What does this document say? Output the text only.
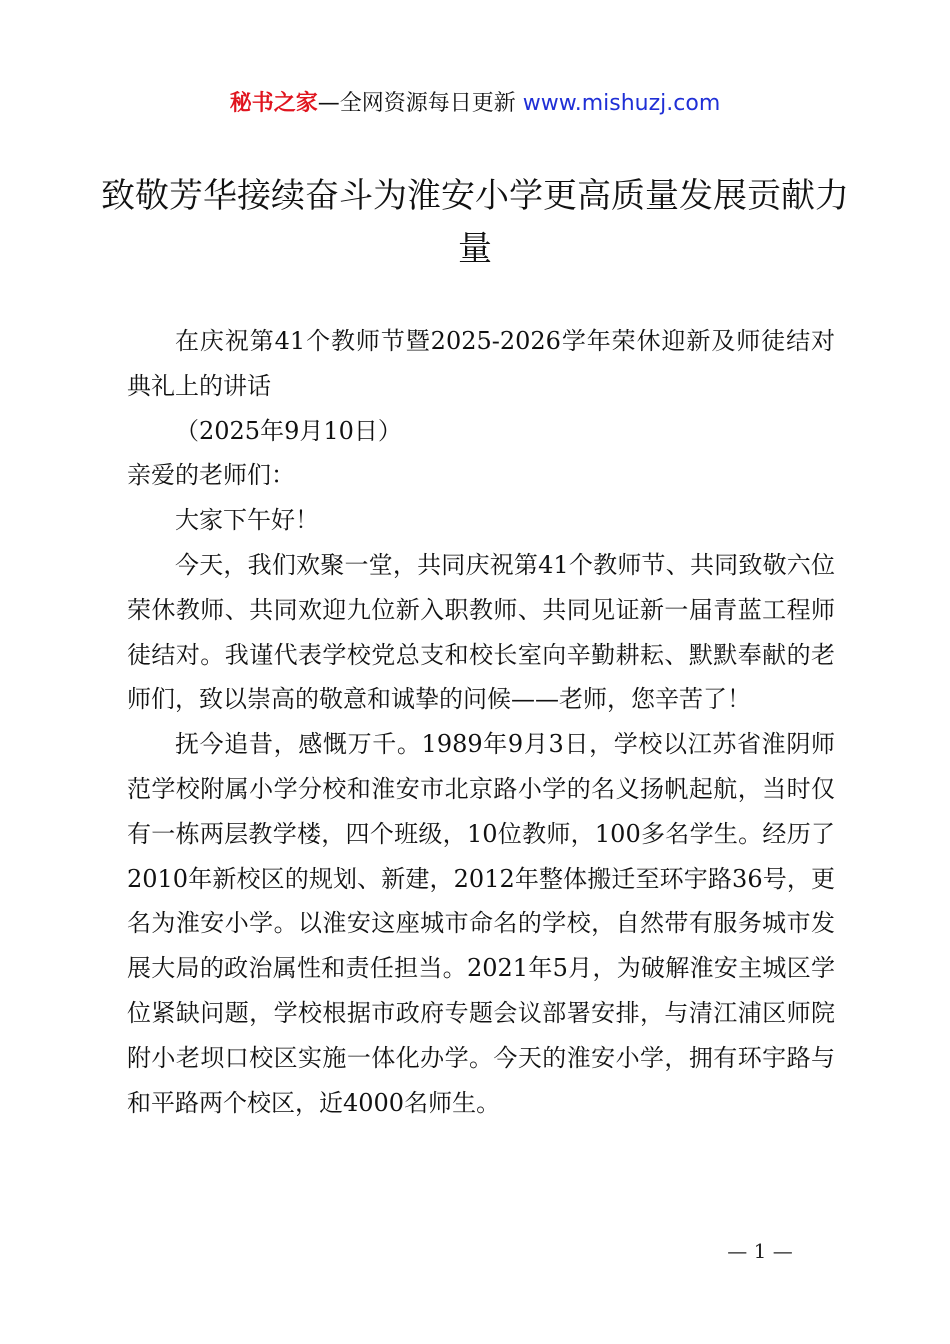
秘书之家—全网资源每日更新 www.mishuzj.com
致敬芳华接续奋斗为淮安小学更高质量发展贡献力量

在庆祝第41个教师节暨2025-2026学年荣休迎新及师徒结对典礼上的讲话

（2025年9月10日）

亲爱的老师们：

大家下午好！

今天，我们欢聚一堂，共同庆祝第41个教师节、共同致敬六位荣休教师、共同欢迎九位新入职教师、共同见证新一届青蓝工程师徒结对。我谨代表学校党总支和校长室向辛勤耕耘、默默奉献的老师们，致以崇高的敬意和诚挚的问候——老师，您辛苦了！

抚今追昔，感慨万千。1989年9月3日，学校以江苏省淮阴师范学校附属小学分校和淮安市北京路小学的名义扬帆起航，当时仅有一栋两层教学楼，四个班级，10位教师，100多名学生。经历了2010年新校区的规划、新建，2012年整体搬迁至环宇路36号，更名为淮安小学。以淮安这座城市命名的学校，自然带有服务城市发展大局的政治属性和责任担当。2021年5月，为破解淮安主城区学位紧缺问题，学校根据市政府专题会议部署安排，与清江浦区师院附小老坝口校区实施一体化办学。今天的淮安小学，拥有环宇路与和平路两个校区，近4000名师生。

— 1 —
